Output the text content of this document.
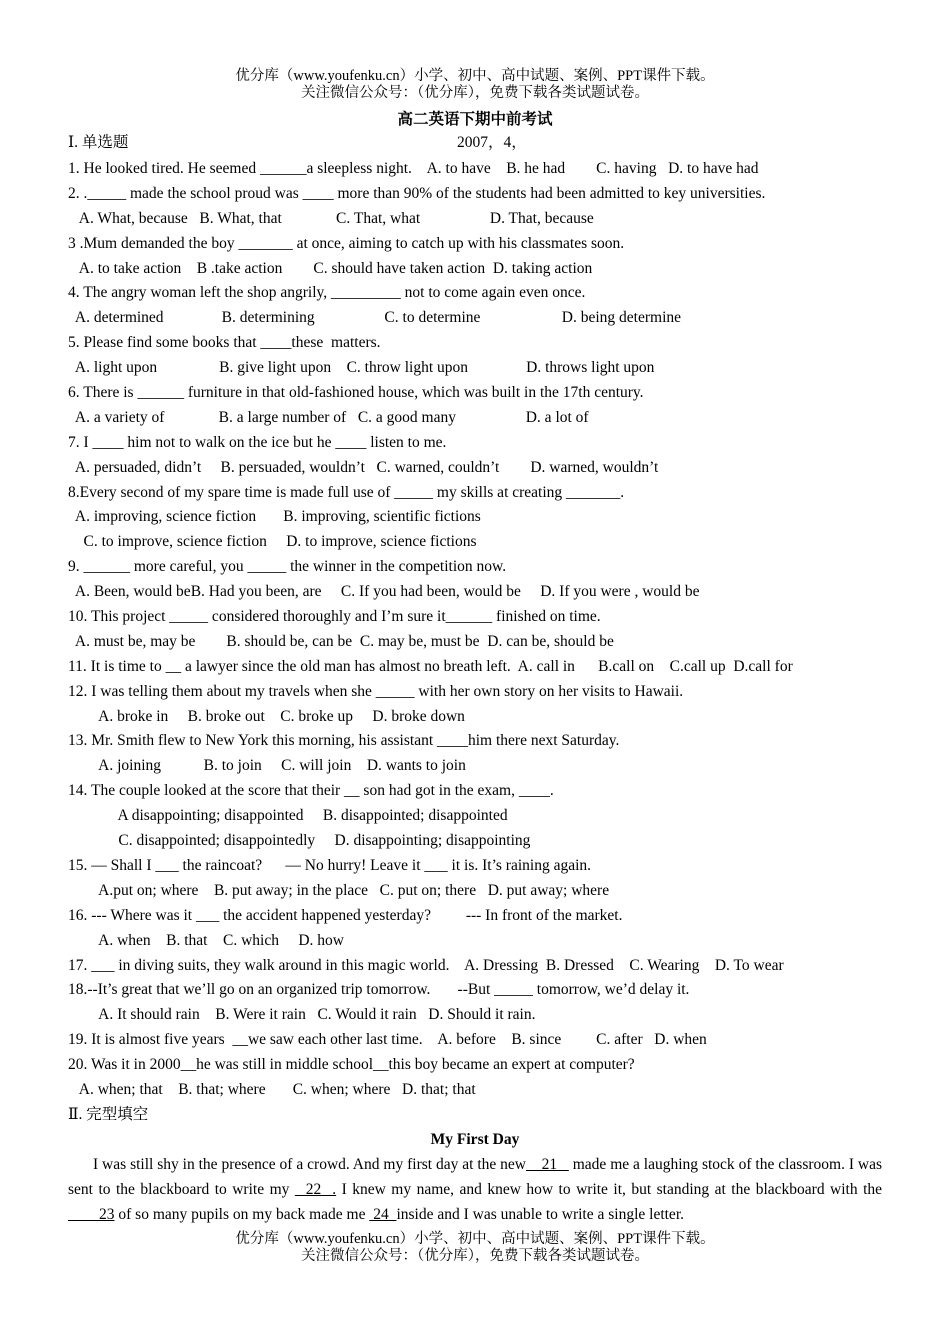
优分库（www.youfenku.cn）小学、初中、高中试题、案例、PPT课件下载。
关注微信公众号：（优分库），免费下载各类试题试卷。
高二英语下期中前考试
Ⅰ. 单选题	2007，4，
1. He looked tired. He seemed ______a sleepless night.    A. to have    B. he had        C. having   D. to have had
2. ._____ made the school proud was ____ more than 90% of the students had been admitted to key universities.
A. What, because   B. What, that              C. That, what                  D. That, because
3 .Mum demanded the boy _______ at once, aiming to catch up with his classmates soon.
A. to take action    B .take action        C. should have taken action  D. taking action
4. The angry woman left the shop angrily, _________ not to come again even once.
A. determined               B. determining                  C. to determine                     D. being determine
5. Please find some books that ____these  matters.
A. light upon                B. give light upon    C. throw light upon               D. throws light upon
6. There is ______ furniture in that old-fashioned house, which was built in the 17th century.
A. a variety of              B. a large number of   C. a good many                  D. a lot of
7. I ____ him not to walk on the ice but he ____ listen to me.
A. persuaded, didn’t     B. persuaded, wouldn’t   C. warned, couldn’t        D. warned, wouldn’t
8.Every second of my spare time is made full use of _____ my skills at creating _______.
A. improving, science fiction       B. improving, scientific fictions
C. to improve, science fiction     D. to improve, science fictions
9. ______ more careful, you _____ the winner in the competition now.
A. Been, would beB. Had you been, are     C. If you had been, would be     D. If you were , would be
10. This project _____ considered thoroughly and I’m sure it______ finished on time.
A. must be, may be        B. should be, can be  C. may be, must be  D. can be, should be
11. It is time to __ a lawyer since the old man has almost no breath left.  A. call in      B.call on    C.call up  D.call for
12. I was telling them about my travels when she _____ with her own story on her visits to Hawaii.
A. broke in     B. broke out    C. broke up     D. broke down
13. Mr. Smith flew to New York this morning, his assistant ____him there next Saturday.
A. joining           B. to join     C. will join    D. wants to join
14. The couple looked at the score that their __ son had got in the exam, ____.
A disappointing; disappointed     B. disappointed; disappointed
C. disappointed; disappointedly     D. disappointing; disappointing
15. — Shall I ___ the raincoat?      — No hurry! Leave it ___ it is. It’s raining again.
A.put on; where    B. put away; in the place   C. put on; there   D. put away; where
16. --- Where was it ___ the accident happened yesterday?         --- In front of the market.
A. when    B. that    C. which     D. how
17. ___ in diving suits, they walk around in this magic world.    A. Dressing  B. Dressed    C. Wearing    D. To wear
18.--It’s great that we’ll go on an organized trip tomorrow.       --But _____ tomorrow, we’d delay it.
A. It should rain    B. Were it rain   C. Would it rain   D. Should it rain.
19. It is almost five years  __we saw each other last time.    A. before    B. since         C. after   D. when
20. Was it in 2000__he was still in middle school__this boy became an expert at computer?
A. when; that    B. that; where       C. when; where   D. that; that
Ⅱ. 完型填空
My First Day
I was still shy in the presence of a crowd. And my first day at the new    21    made me a laughing stock of the classroom. I was sent to the blackboard to write my   22  . I knew my name, and knew how to write it, but standing at the blackboard with the ____23 of so many pupils on my back made me  24  inside and I was unable to write a single letter.
优分库（www.youfenku.cn）小学、初中、高中试题、案例、PPT课件下载。
关注微信公众号：（优分库），免费下载各类试题试卷。
